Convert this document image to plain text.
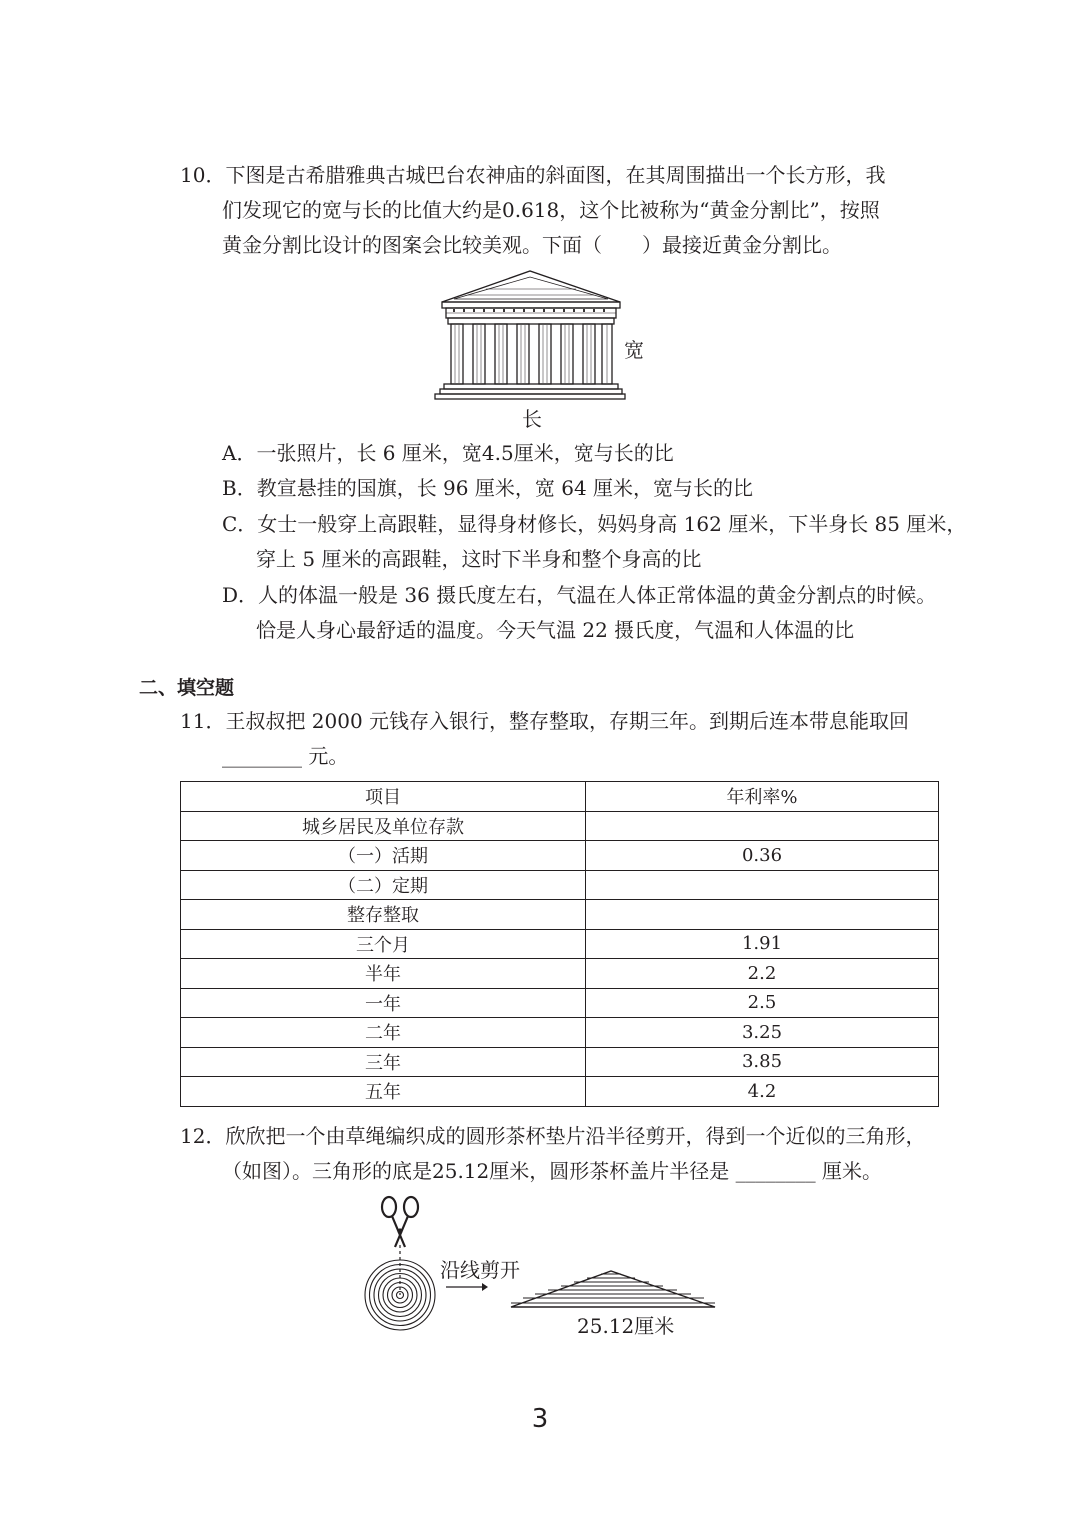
10．下图是古希腊雅典古城巴台农神庙的斜面图，在其周围描出一个长方形，我
们发现它的宽与长的比值大约是0.618，这个比被称为“黄金分割比”，按照
黄金分割比设计的图案会比较美观。下面（　　）最接近黄金分割比。
宽
长
A．一张照片，长 6 厘米，宽4.5厘米，宽与长的比
B．教宣悬挂的国旗，长 96 厘米，宽 64 厘米，宽与长的比
C．女士一般穿上高跟鞋，显得身材修长，妈妈身高 162 厘米，下半身长 85 厘米，
穿上 5 厘米的高跟鞋，这时下半身和整个身高的比
D．人的体温一般是 36 摄氏度左右，气温在人体正常体温的黄金分割点的时候。
恰是人身心最舒适的温度。今天气温 22 摄氏度，气温和人体温的比
二、填空题
11．王叔叔把 2000 元钱存入银行，整存整取，存期三年。到期后连本带息能取回
________ 元。
项目	年利率%
城乡居民及单位存款	
（一）活期	0.36
（二）定期	
整存整取	
三个月	1.91
半年	2.2
一年	2.5
二年	3.25
三年	3.85
五年	4.2
12．欣欣把一个由草绳编织成的圆形茶杯垫片沿半径剪开，得到一个近似的三角形，
（如图）。三角形的底是25.12厘米，圆形茶杯盖片半径是 ________ 厘米。
沿线剪开
25.12厘米
3
